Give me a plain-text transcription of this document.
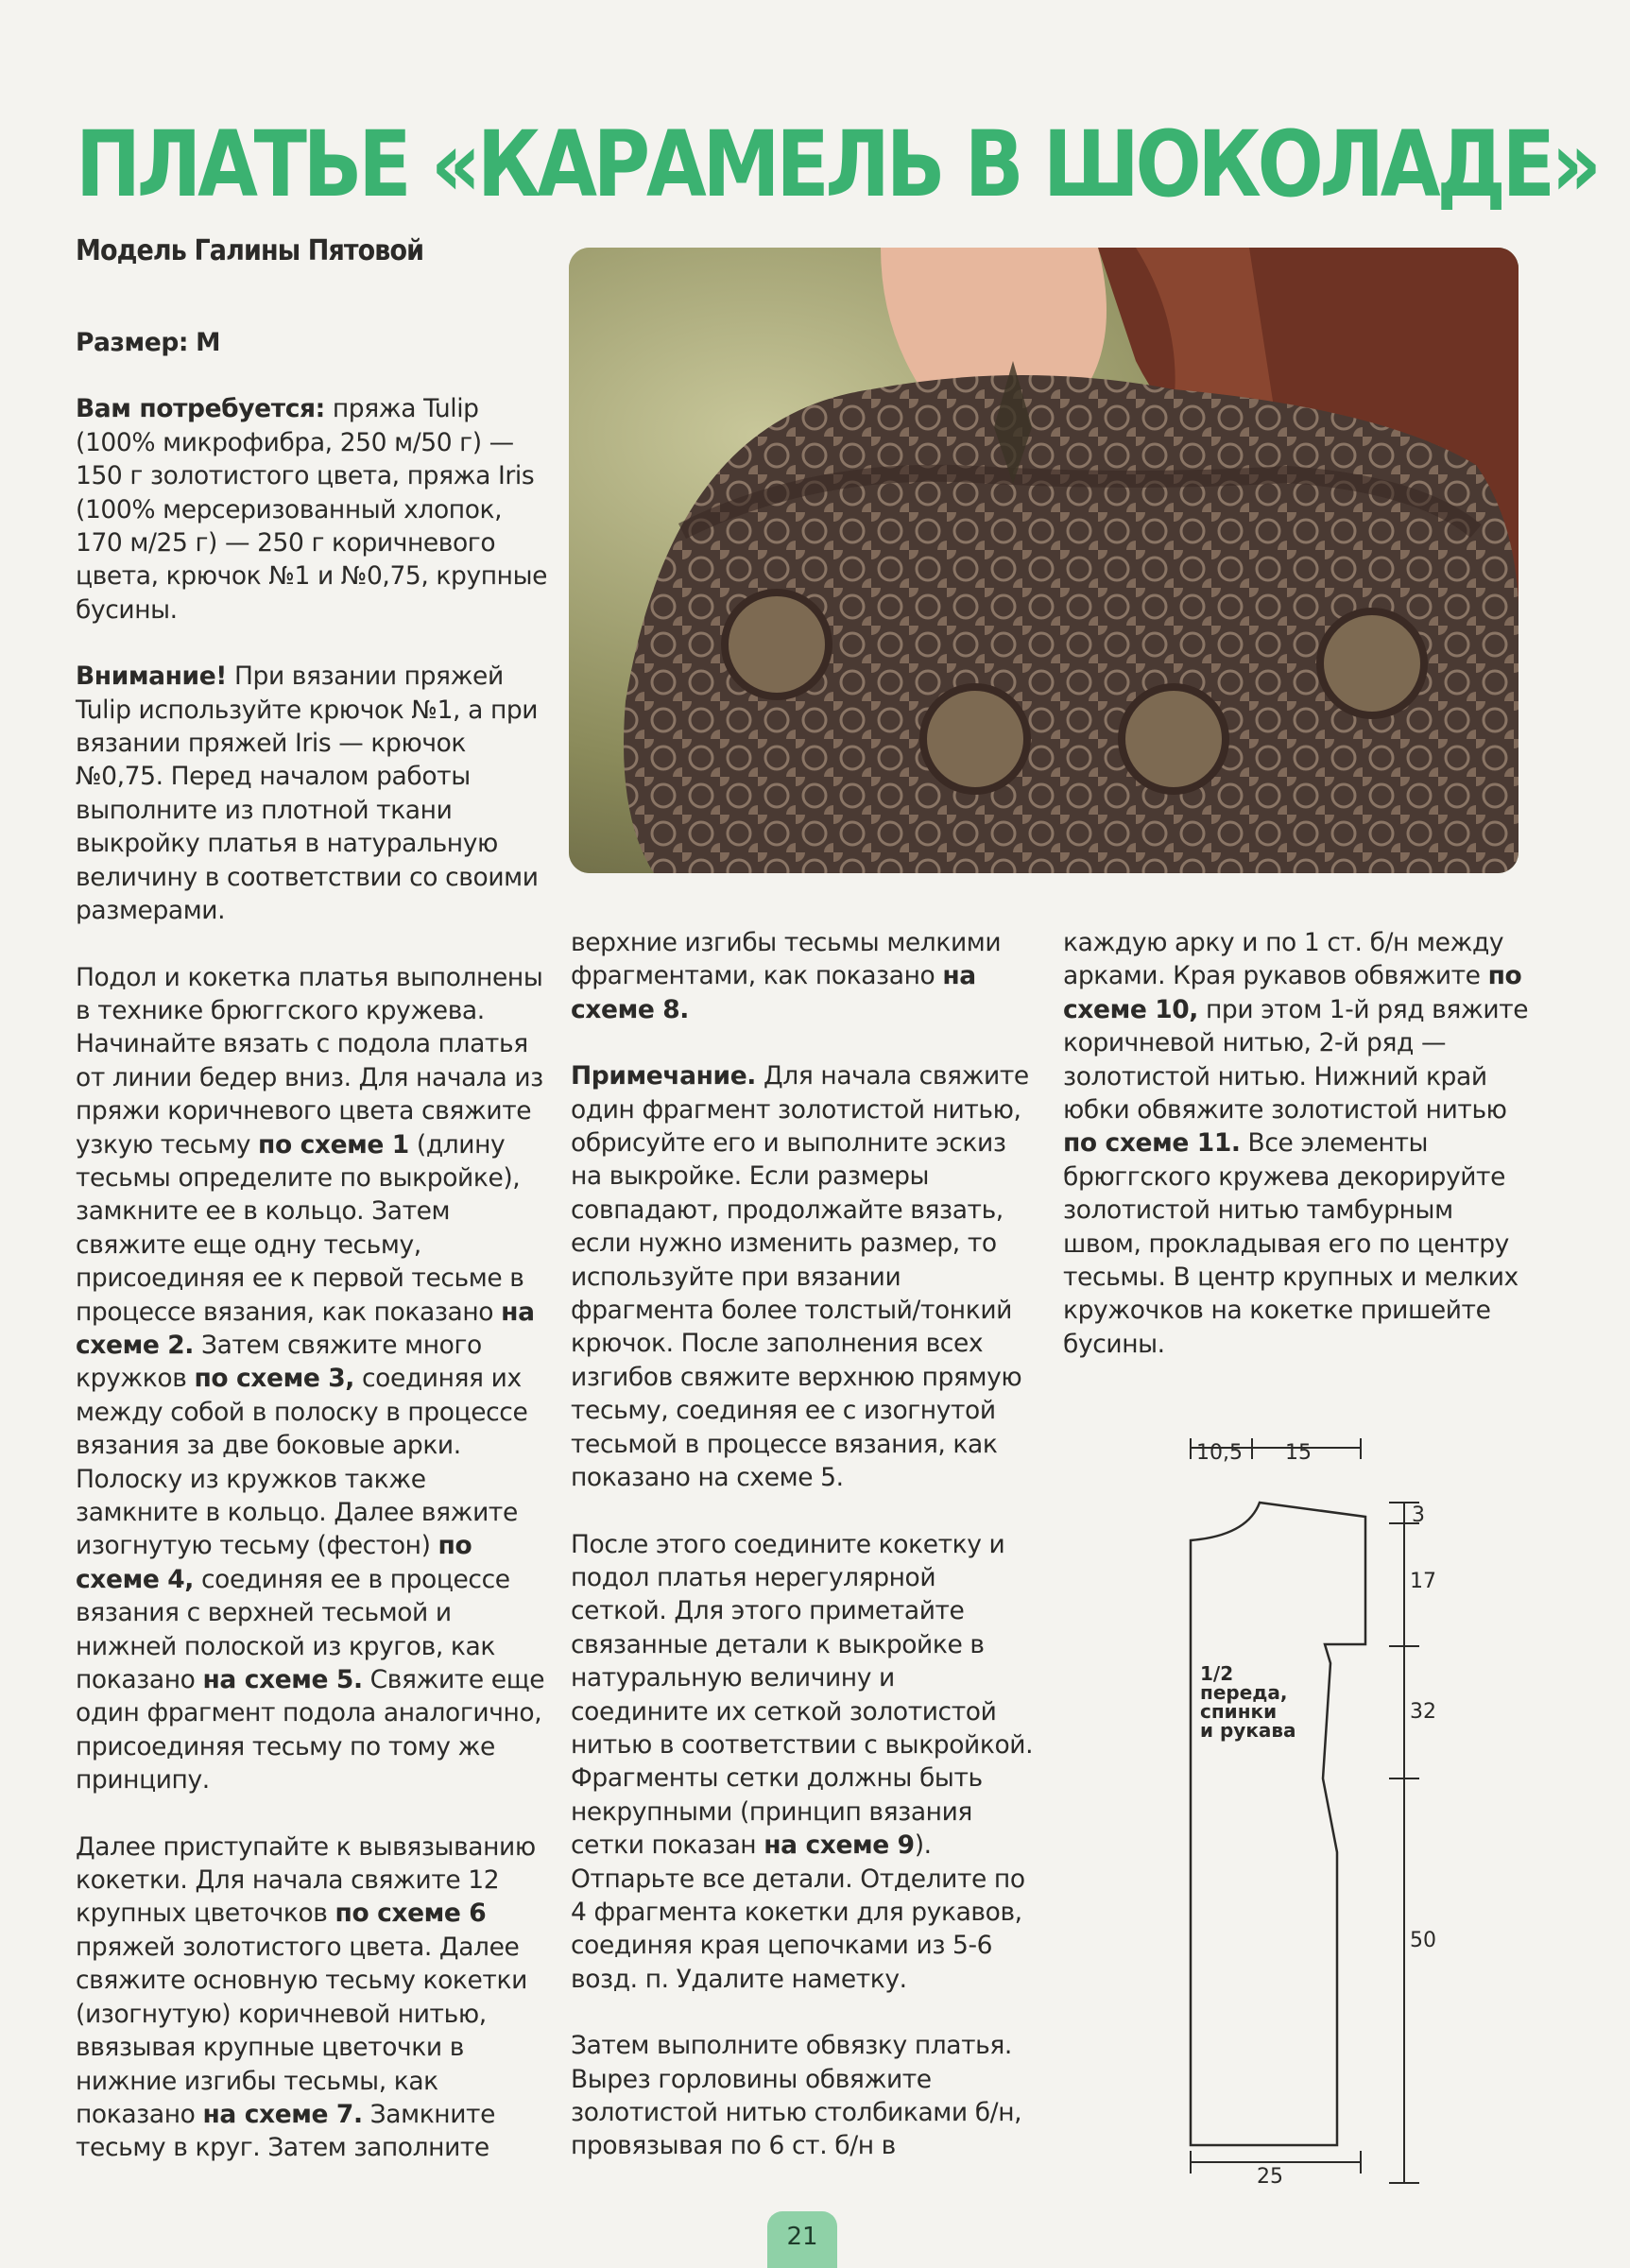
ПЛАТЬЕ «КАРАМЕЛЬ В ШОКОЛАДЕ»
Модель Галины Пятовой

Размер: М

Вам потребуется: пряжа Tulip (100% микрофибра, 250 м/50 г) — 150 г золотистого цвета, пряжа Iris (100% мерсеризованный хлопок, 170 м/25 г) — 250 г коричневого цвета, крючок №1 и №0,75, крупные бусины.

Внимание! При вязании пряжей Tulip используйте крючок №1, а при вязании пряжей Iris — крючок №0,75. Перед началом работы выполните из плотной ткани выкройку платья в натуральную величину в соответствии со своими размерами.

Подол и кокетка платья выполнены в технике брюггского кружева. Начинайте вязать с подола платья от линии бедер вниз. Для начала из пряжи коричневого цвета свяжите узкую тесьму по схеме 1 (длину тесьмы определите по выкройке), замкните ее в кольцо. Затем свяжите еще одну тесьму, присоединяя ее к первой тесьме в процессе вязания, как показано на схеме 2. Затем свяжите много кружков по схеме 3, соединяя их между собой в полоску в процессе вязания за две боковые арки. Полоску из кружков также замкните в кольцо. Далее вяжите изогнутую тесьму (фестон) по схеме 4, соединяя ее в процессе вязания с верхней тесьмой и нижней полоской из кругов, как показано на схеме 5. Свяжите еще один фрагмент подола аналогично, присоединяя тесьму по тому же принципу.

Далее приступайте к вывязыванию кокетки. Для начала свяжите 12 крупных цветочков по схеме 6 пряжей золотистого цвета. Далее свяжите основную тесьму кокетки (изогнутую) коричневой нитью, ввязывая крупные цветочки в нижние изгибы тесьмы, как показано на схеме 7. Замкните тесьму в круг. Затем заполните

верхние изгибы тесьмы мелкими фрагментами, как показано на схеме 8.

Примечание. Для начала свяжите один фрагмент золотистой нитью, обрисуйте его и выполните эскиз на выкройке. Если размеры совпадают, продолжайте вязать, если нужно изменить размер, то используйте при вязании фрагмента более толстый/тонкий крючок. После заполнения всех изгибов свяжите верхнюю прямую тесьму, соединяя ее с изогнутой тесьмой в процессе вязания, как показано на схеме 5.

После этого соедините кокетку и подол платья нерегулярной сеткой. Для этого приметайте связанные детали к выкройке в натуральную величину и соедините их сеткой золотистой нитью в соответствии с выкройкой. Фрагменты сетки должны быть некрупными (принцип вязания сетки показан на схеме 9). Отпарьте все детали. Отделите по 4 фрагмента кокетки для рукавов, соединяя края цепочками из 5-6 возд. п. Удалите наметку.

Затем выполните обвязку платья. Вырез горловины обвяжите золотистой нитью столбиками б/н, провязывая по 6 ст. б/н в

каждую арку и по 1 ст. б/н между арками. Края рукавов обвяжите по схеме 10, при этом 1-й ряд вяжите коричневой нитью, 2-й ряд — золотистой нитью. Нижний край юбки обвяжите золотистой нитью по схеме 11. Все элементы брюггского кружева декорируйте золотистой нитью тамбурным швом, прокладывая его по центру тесьмы. В центр крупных и мелких кружочков на кокетке пришейте бусины.

10,5 15
3
17
32
50
25
1/2
переда,
спинки
и рукава
21
